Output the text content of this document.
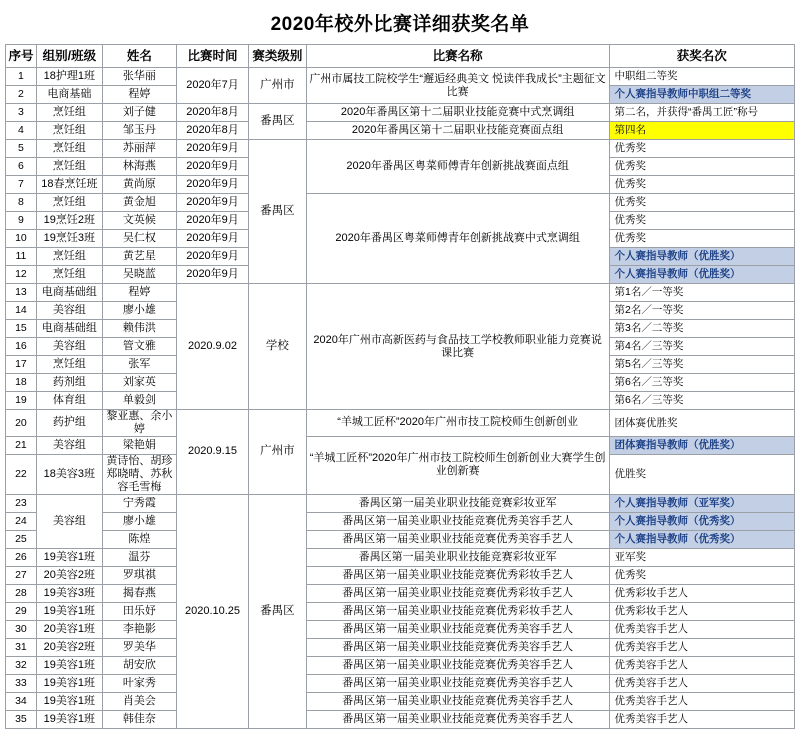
2020年校外比赛详细获奖名单
序号	组别/班级	姓名	比赛时间	赛类级别	比赛名称	获奖名次
1	18护理1班	张华丽	2020年7月	广州市	广州市属技工院校学生“邂逅经典美文 悦读伴我成长”主题征文比赛	中职组二等奖
2	电商基础	程婷				个人赛指导教师中职组二等奖
3	烹饪组	刘子健	2020年8月	番禺区	2020年番禺区第十二届职业技能竞赛中式烹调组	第二名，并获得“番禺工匠”称号
4	烹饪组	邹玉丹	2020年8月		2020年番禺区第十二届职业技能竞赛面点组	第四名
5	烹饪组	苏丽萍	2020年9月	番禺区	2020年番禺区粤菜师傅青年创新挑战赛面点组	优秀奖
6	烹饪组	林海燕	2020年9月			优秀奖
7	18春烹饪班	黄尚原	2020年9月			优秀奖
8	烹饪组	黄金旭	2020年9月		2020年番禺区粤菜师傅青年创新挑战赛中式烹调组	优秀奖
9	19烹饪2班	文英候	2020年9月			优秀奖
10	19烹饪3班	吴仁权	2020年9月			优秀奖
11	烹饪组	黄艺星	2020年9月			个人赛指导教师（优胜奖）
12	烹饪组	吴晓蓝	2020年9月			个人赛指导教师（优胜奖）
13	电商基础组	程婷	2020.9.02	学校	2020年广州市高新医药与食品技工学校教师职业能力竞赛说课比赛	第1名／一等奖
14	美容组	廖小雄				第2名／一等奖
15	电商基础组	赖伟洪				第3名／二等奖
16	美容组	管文雅				第4名／三等奖
17	烹饪组	张军				第5名／三等奖
18	药剂组	刘家英				第6名／三等奖
19	体育组	单毅剑				第6名／三等奖
20	药护组	黎亚惠、余小婷	2020.9.15	广州市	“羊城工匠杯”2020年广州市技工院校师生创新创业	团体赛优胜奖
21	美容组	梁艳娟			“羊城工匠杯”2020年广州市技工院校师生创新创业大赛学生创业创新赛	团体赛指导教师（优胜奖）
22	18美容3班	黄诗怡、胡珍郑晓晴、苏秋容毛雪梅				优胜奖
23	美容组	宁秀霞	2020.10.25	番禺区	番禺区第一届美业职业技能竞赛彩妆亚军	个人赛指导教师（亚军奖）
24		廖小雄			番禺区第一届美业职业技能竞赛优秀美容手艺人	个人赛指导教师（优秀奖）
25		陈煌			番禺区第一届美业职业技能竞赛优秀美容手艺人	个人赛指导教师（优秀奖）
26	19美容1班	温芬			番禺区第一届美业职业技能竞赛彩妆亚军	亚军奖
27	20美容2班	罗琪祺			番禺区第一届美业职业技能竞赛优秀彩妆手艺人	优秀奖
28	19美容3班	揭春燕			番禺区第一届美业职业技能竞赛优秀彩妆手艺人	优秀彩妆手艺人
29	19美容1班	田乐妤			番禺区第一届美业职业技能竞赛优秀彩妆手艺人	优秀彩妆手艺人
30	20美容1班	李艳影			番禺区第一届美业职业技能竞赛优秀美容手艺人	优秀美容手艺人
31	20美容2班	罗美华			番禺区第一届美业职业技能竞赛优秀美容手艺人	优秀美容手艺人
32	19美容1班	胡安欣			番禺区第一届美业职业技能竞赛优秀美容手艺人	优秀美容手艺人
33	19美容1班	叶家秀			番禺区第一届美业职业技能竞赛优秀美容手艺人	优秀美容手艺人
34	19美容1班	肖美会			番禺区第一届美业职业技能竞赛优秀美容手艺人	优秀美容手艺人
35	19美容1班	韩佳奈			番禺区第一届美业职业技能竞赛优秀美容手艺人	优秀美容手艺人
